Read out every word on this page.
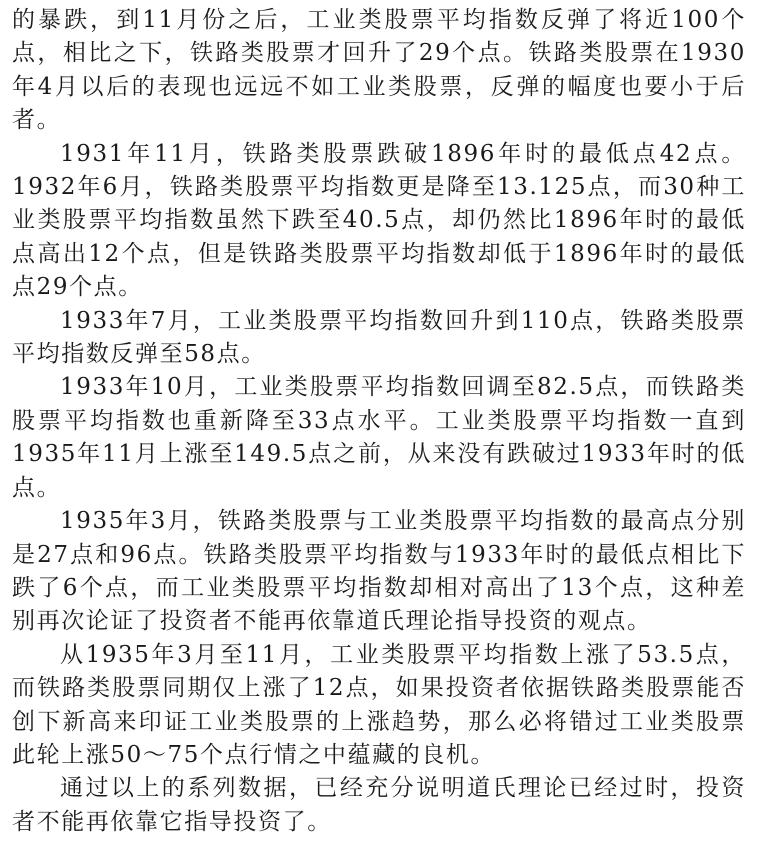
的暴跌，到11月份之后，工业类股票平均指数反弹了将近100个点，相比之下，铁路类股票才回升了29个点。铁路类股票在1930年4月以后的表现也远远不如工业类股票，反弹的幅度也要小于后者。

1931年11月，铁路类股票跌破1896年时的最低点42点。1932年6月，铁路类股票平均指数更是降至13.125点，而30种工业类股票平均指数虽然下跌至40.5点，却仍然比1896年时的最低点高出12个点，但是铁路类股票平均指数却低于1896年时的最低点29个点。

1933年7月，工业类股票平均指数回升到110点，铁路类股票平均指数反弹至58点。

1933年10月，工业类股票平均指数回调至82.5点，而铁路类股票平均指数也重新降至33点水平。工业类股票平均指数一直到1935年11月上涨至149.5点之前，从来没有跌破过1933年时的低点。

1935年3月，铁路类股票与工业类股票平均指数的最高点分别是27点和96点。铁路类股票平均指数与1933年时的最低点相比下跌了6个点，而工业类股票平均指数却相对高出了13个点，这种差别再次论证了投资者不能再依靠道氏理论指导投资的观点。

从1935年3月至11月，工业类股票平均指数上涨了53.5点，而铁路类股票同期仅上涨了12点，如果投资者依据铁路类股票能否创下新高来印证工业类股票的上涨趋势，那么必将错过工业类股票此轮上涨50～75个点行情之中蕴藏的良机。

通过以上的系列数据，已经充分说明道氏理论已经过时，投资者不能再依靠它指导投资了。
